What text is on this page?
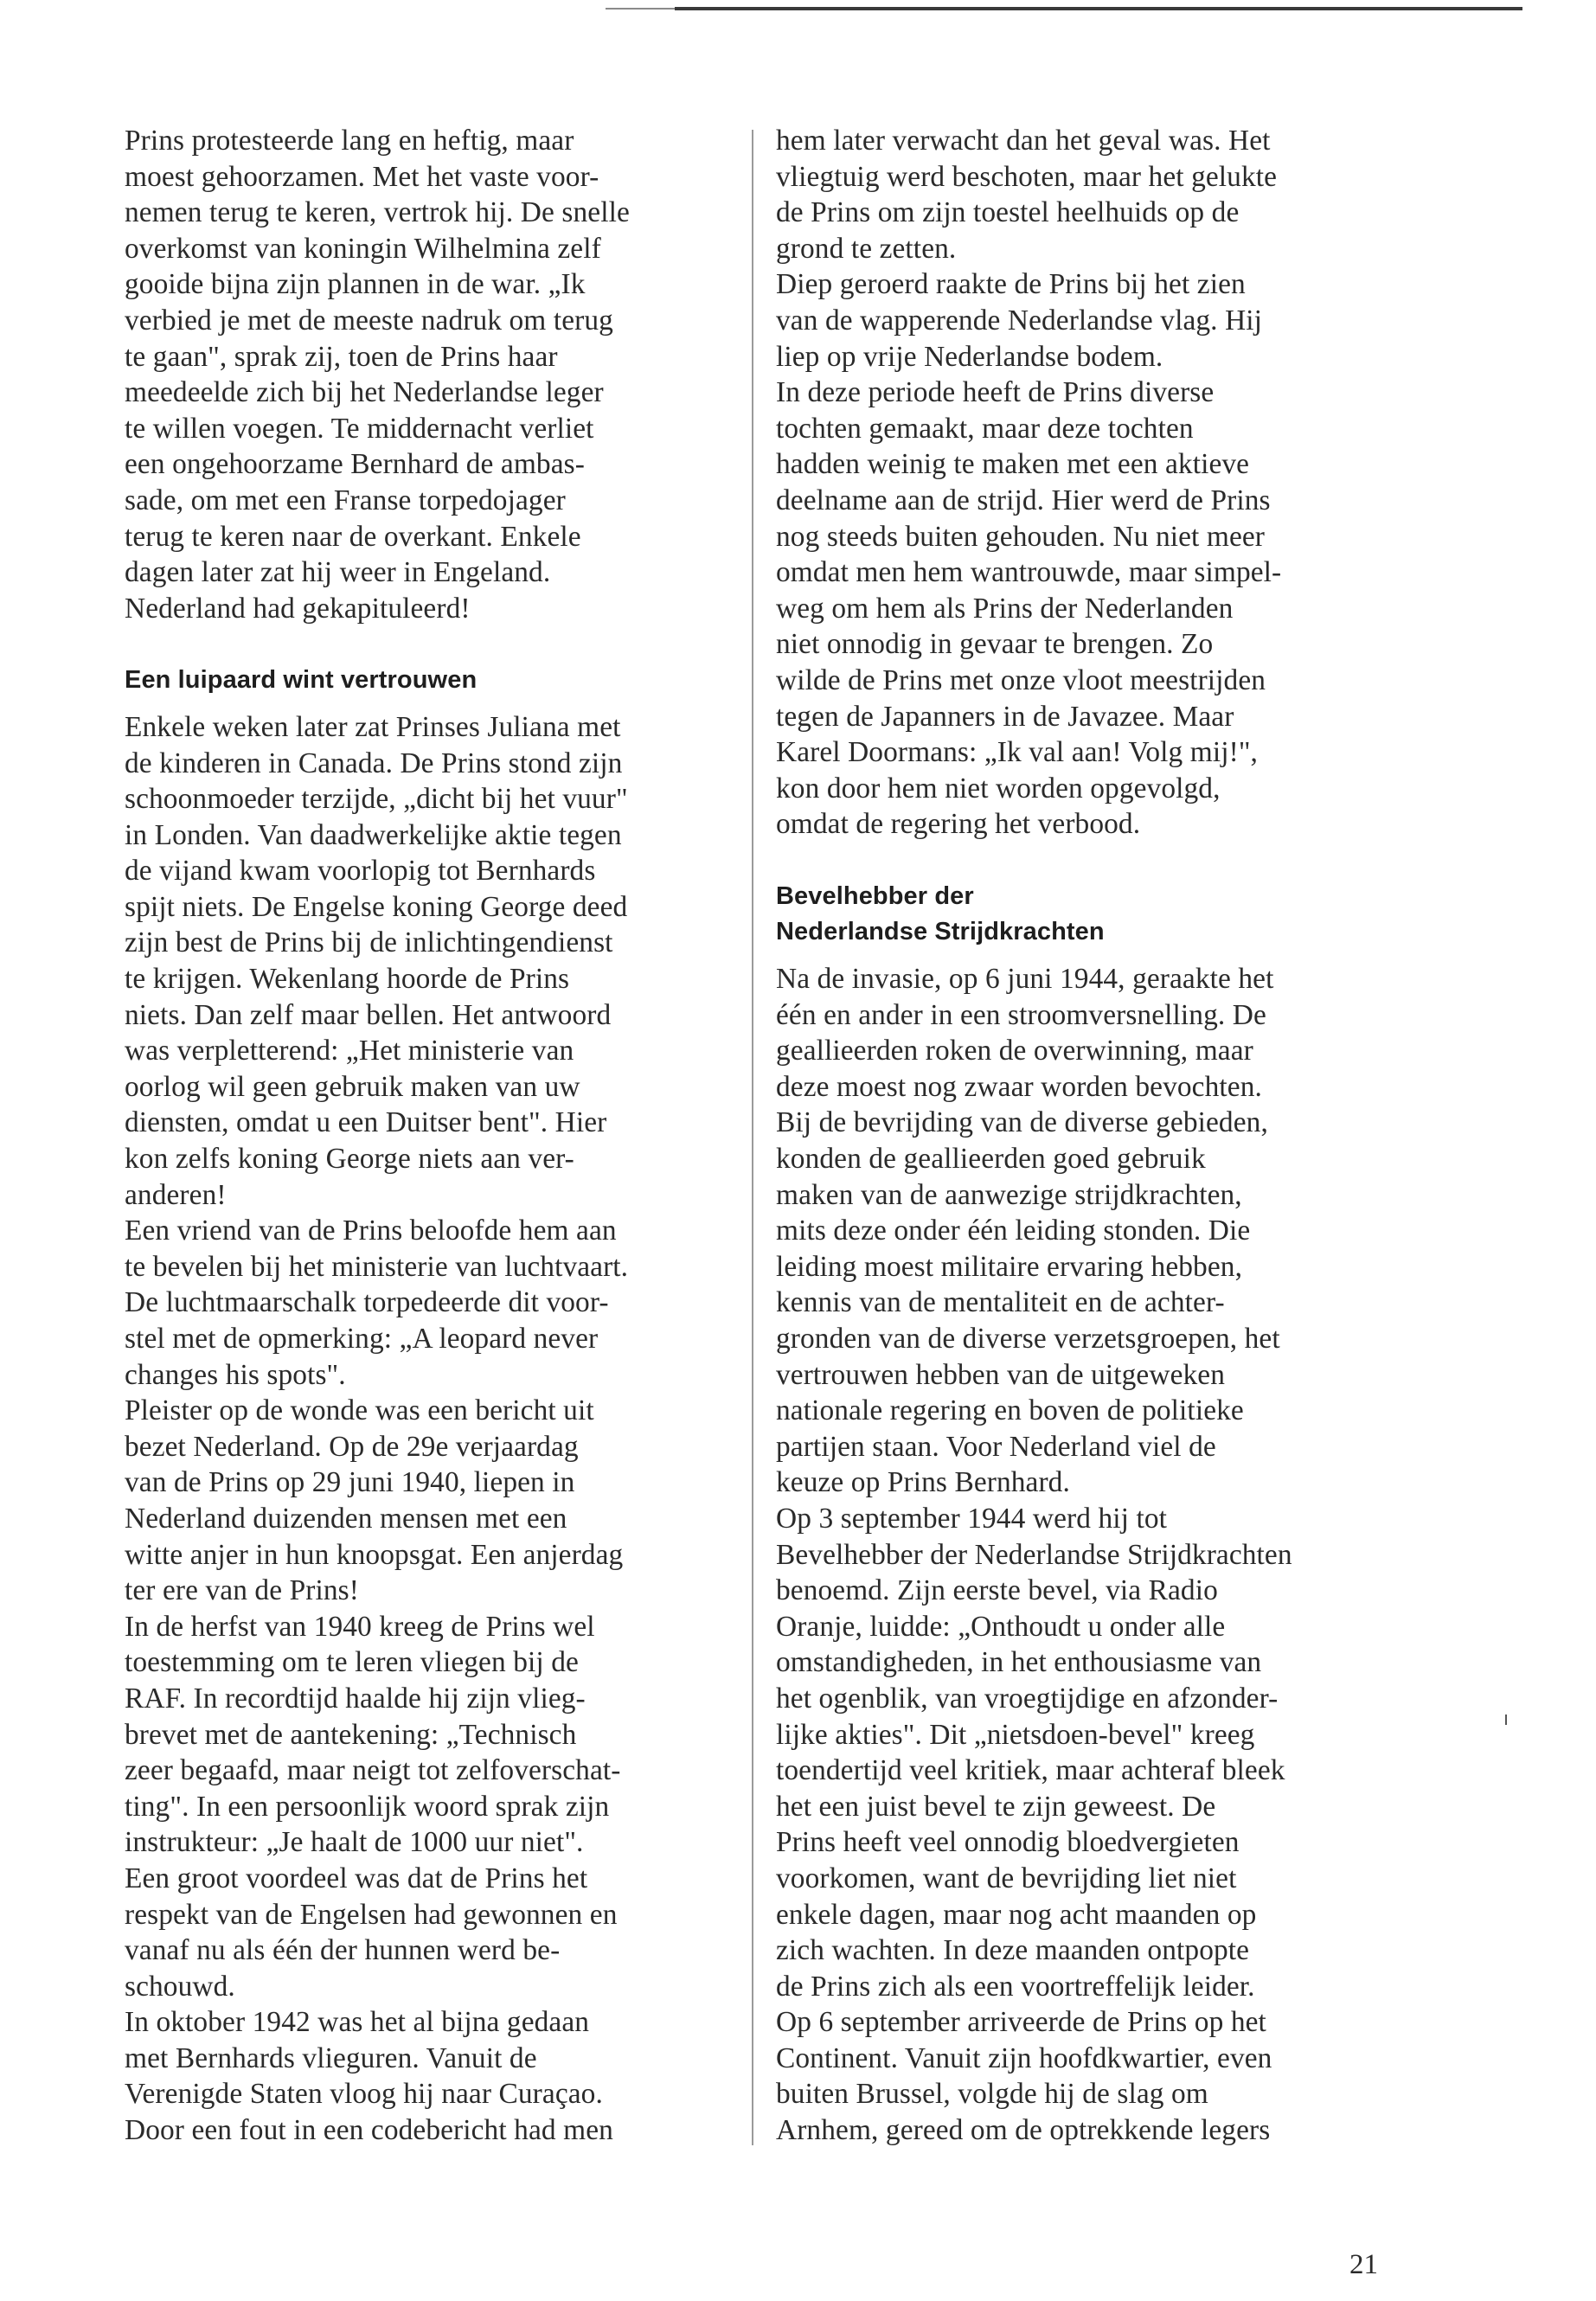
Prins protesteerde lang en heftig, maar
moest gehoorzamen. Met het vaste voor-
nemen terug te keren, vertrok hij. De snelle
overkomst van koningin Wilhelmina zelf
gooide bijna zijn plannen in de war. „Ik
verbied je met de meeste nadruk om terug
te gaan", sprak zij, toen de Prins haar
meedeelde zich bij het Nederlandse leger
te willen voegen. Te middernacht verliet
een ongehoorzame Bernhard de ambas-
sade, om met een Franse torpedojager
terug te keren naar de overkant. Enkele
dagen later zat hij weer in Engeland.
Nederland had gekapituleerd!
Een luipaard wint vertrouwen
Enkele weken later zat Prinses Juliana met
de kinderen in Canada. De Prins stond zijn
schoonmoeder terzijde, „dicht bij het vuur"
in Londen. Van daadwerkelijke aktie tegen
de vijand kwam voorlopig tot Bernhards
spijt niets. De Engelse koning George deed
zijn best de Prins bij de inlichtingendienst
te krijgen. Wekenlang hoorde de Prins
niets. Dan zelf maar bellen. Het antwoord
was verpletterend: „Het ministerie van
oorlog wil geen gebruik maken van uw
diensten, omdat u een Duitser bent". Hier
kon zelfs koning George niets aan ver-
anderen!
Een vriend van de Prins beloofde hem aan
te bevelen bij het ministerie van luchtvaart.
De luchtmaarschalk torpedeerde dit voor-
stel met de opmerking: „A leopard never
changes his spots".
Pleister op de wonde was een bericht uit
bezet Nederland. Op de 29e verjaardag
van de Prins op 29 juni 1940, liepen in
Nederland duizenden mensen met een
witte anjer in hun knoopsgat. Een anjerdag
ter ere van de Prins!
In de herfst van 1940 kreeg de Prins wel
toestemming om te leren vliegen bij de
RAF. In recordtijd haalde hij zijn vlieg-
brevet met de aantekening: „Technisch
zeer begaafd, maar neigt tot zelfoverschat-
ting". In een persoonlijk woord sprak zijn
instrukteur: „Je haalt de 1000 uur niet".
Een groot voordeel was dat de Prins het
respekt van de Engelsen had gewonnen en
vanaf nu als één der hunnen werd be-
schouwd.
In oktober 1942 was het al bijna gedaan
met Bernhards vlieguren. Vanuit de
Verenigde Staten vloog hij naar Curaçao.
Door een fout in een codebericht had men
hem later verwacht dan het geval was. Het
vliegtuig werd beschoten, maar het gelukte
de Prins om zijn toestel heelhuids op de
grond te zetten.
Diep geroerd raakte de Prins bij het zien
van de wapperende Nederlandse vlag. Hij
liep op vrije Nederlandse bodem.
In deze periode heeft de Prins diverse
tochten gemaakt, maar deze tochten
hadden weinig te maken met een aktieve
deelname aan de strijd. Hier werd de Prins
nog steeds buiten gehouden. Nu niet meer
omdat men hem wantrouwde, maar simpel-
weg om hem als Prins der Nederlanden
niet onnodig in gevaar te brengen. Zo
wilde de Prins met onze vloot meestrijden
tegen de Japanners in de Javazee. Maar
Karel Doormans: „Ik val aan! Volg mij!",
kon door hem niet worden opgevolgd,
omdat de regering het verbood.
Bevelhebber der
Nederlandse Strijdkrachten
Na de invasie, op 6 juni 1944, geraakte het
één en ander in een stroomversnelling. De
geallieerden roken de overwinning, maar
deze moest nog zwaar worden bevochten.
Bij de bevrijding van de diverse gebieden,
konden de geallieerden goed gebruik
maken van de aanwezige strijdkrachten,
mits deze onder één leiding stonden. Die
leiding moest militaire ervaring hebben,
kennis van de mentaliteit en de achter-
gronden van de diverse verzetsgroepen, het
vertrouwen hebben van de uitgeweken
nationale regering en boven de politieke
partijen staan. Voor Nederland viel de
keuze op Prins Bernhard.
Op 3 september 1944 werd hij tot
Bevelhebber der Nederlandse Strijdkrachten
benoemd. Zijn eerste bevel, via Radio
Oranje, luidde: „Onthoudt u onder alle
omstandigheden, in het enthousiasme van
het ogenblik, van vroegtijdige en afzonder-
lijke akties". Dit „nietsdoen-bevel" kreeg
toendertijd veel kritiek, maar achteraf bleek
het een juist bevel te zijn geweest. De
Prins heeft veel onnodig bloedvergieten
voorkomen, want de bevrijding liet niet
enkele dagen, maar nog acht maanden op
zich wachten. In deze maanden ontpopte
de Prins zich als een voortreffelijk leider.
Op 6 september arriveerde de Prins op het
Continent. Vanuit zijn hoofdkwartier, even
buiten Brussel, volgde hij de slag om
Arnhem, gereed om de optrekkende legers
21
